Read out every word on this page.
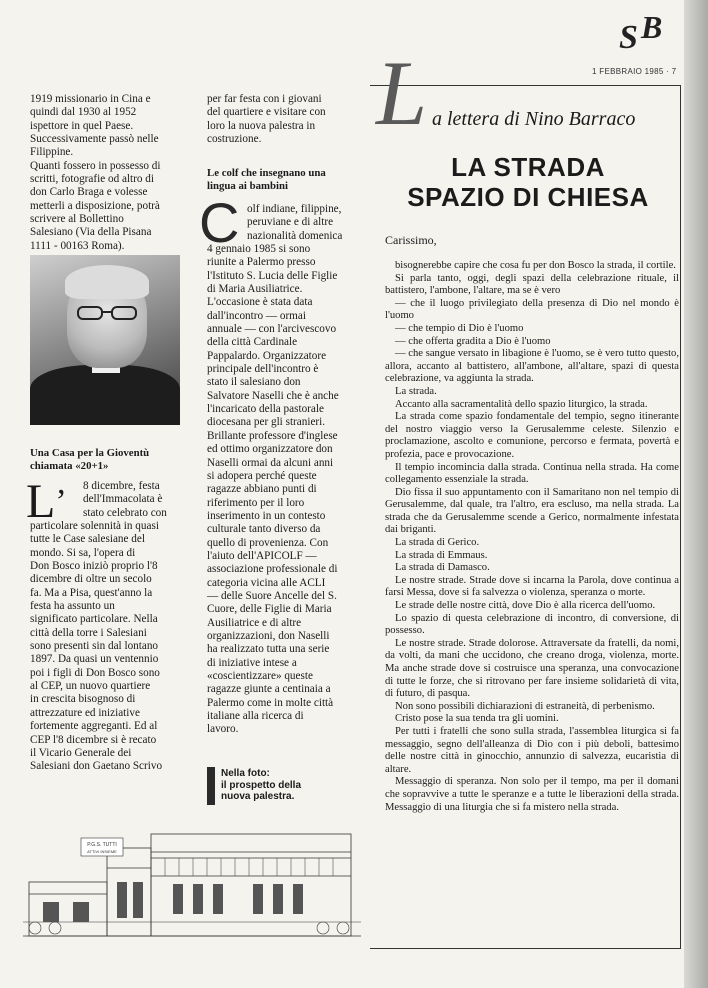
S B
1 FEBBRAIO 1985 · 7
1919 missionario in Cina e
quindi dal 1930 al 1952
ispettore in quel Paese.
Successivamente passò nelle
Filippine.
Quanti fossero in possesso di
scritti, fotografie od altro di
don Carlo Braga e volesse
metterli a disposizione, potrà
scrivere al Bollettino
Salesiano (Via della Pisana
1111 - 00163 Roma).
Una Casa per la Gioventù
chiamata «20+1»
L’ 8 dicembre, festa
dell'Immacolata è
stato celebrato con
particolare solennità in quasi
tutte le Case salesiane del
mondo. Si sa, l'opera di
Don Bosco iniziò proprio l'8
dicembre di oltre un secolo
fa. Ma a Pisa, quest'anno la
festa ha assunto un
significato particolare. Nella
città della torre i Salesiani
sono presenti sin dal lontano
1897. Da quasi un ventennio
poi i figli di Don Bosco sono
al CEP, un nuovo quartiere
in crescita bisognoso di
attrezzature ed iniziative
fortemente aggreganti. Ed al
CEP l'8 dicembre si è recato
il Vicario Generale dei
Salesiani don Gaetano Scrivo
per far festa con i giovani
del quartiere e visitare con
loro la nuova palestra in
costruzione.
Le colf che insegnano una
lingua ai bambini
C olf indiane, filippine,
peruviane e di altre
nazionalità domenica
4 gennaio 1985 si sono
riunite a Palermo presso
l'Istituto S. Lucia delle Figlie
di Maria Ausiliatrice.
L'occasione è stata data
dall'incontro — ormai
annuale — con l'arcivescovo
della città Cardinale
Pappalardo. Organizzatore
principale dell'incontro è
stato il salesiano don
Salvatore Naselli che è anche
l'incaricato della pastorale
diocesana per gli stranieri.
Brillante professore d'inglese
ed ottimo organizzatore don
Naselli ormai da alcuni anni
si adopera perché queste
ragazze abbiano punti di
riferimento per il loro
inserimento in un contesto
culturale tanto diverso da
quello di provenienza. Con
l'aiuto dell'APICOLF —
associazione professionale di
categoria vicina alle ACLI
— delle Suore Ancelle del S.
Cuore, delle Figlie di Maria
Ausiliatrice e di altre
organizzazioni, don Naselli
ha realizzato tutta una serie
di iniziative intese a
«coscientizzare» queste
ragazze giunte a centinaia a
Palermo come in molte città
italiane alla ricerca di
lavoro.
Nella foto:
il prospetto della
nuova palestra.
P.G.S. TUTTI
ATTIVI INSIEME
L a lettera di Nino Barraco
LA STRADA
SPAZIO DI CHIESA
Carissimo,

bisognerebbe capire che cosa fu per don Bosco la strada, il cortile.

Si parla tanto, oggi, degli spazi della celebrazione rituale, il battistero, l'ambone, l'altare, ma se è vero

— che il luogo privilegiato della presenza di Dio nel mondo è l'uomo

— che tempio di Dio è l'uomo

— che offerta gradita a Dio è l'uomo

— che sangue versato in libagione è l'uomo, se è vero tutto questo, allora, accanto al battistero, all'ambone, all'altare, spazi di questa celebrazione, va aggiunta la strada.

La strada.

Accanto alla sacramentalità dello spazio liturgico, la strada.

La strada come spazio fondamentale del tempio, segno itinerante del nostro viaggio verso la Gerusalemme celeste. Silenzio e proclamazione, ascolto e comunione, percorso e fermata, povertà e profezia, pace e provocazione.

Il tempio incomincia dalla strada. Continua nella strada. Ha come collegamento essenziale la strada.

Dio fissa il suo appuntamento con il Samaritano non nel tempio di Gerusalemme, dal quale, tra l'altro, era escluso, ma nella strada. La strada che da Gerusalemme scende a Gerico, normalmente infestata dai briganti.

La strada di Gerico.

La strada di Emmaus.

La strada di Damasco.

Le nostre strade. Strade dove si incarna la Parola, dove continua a farsi Messa, dove si fa salvezza o violenza, speranza o morte.

Le strade delle nostre città, dove Dio è alla ricerca dell'uomo.

Lo spazio di questa celebrazione di incontro, di conversione, di possesso.

Le nostre strade. Strade dolorose. Attraversate da fratelli, da nomi, da volti, da mani che uccidono, che creano droga, violenza, morte. Ma anche strade dove si costruisce una speranza, una convocazione di tutte le forze, che si ritrovano per fare insieme solidarietà di vita, di futuro, di pasqua.

Non sono possibili dichiarazioni di estraneità, di perbenismo.

Cristo pose la sua tenda tra gli uomini.

Per tutti i fratelli che sono sulla strada, l'assemblea liturgica si fa messaggio, segno dell'alleanza di Dio con i più deboli, battesimo delle nostre città in ginocchio, annunzio di salvezza, eucaristia di altare.

Messaggio di speranza. Non solo per il tempo, ma per il domani che sopravvive a tutte le speranze e a tutte le liberazioni della strada. Messaggio di una liturgia che si fa mistero nella strada.
